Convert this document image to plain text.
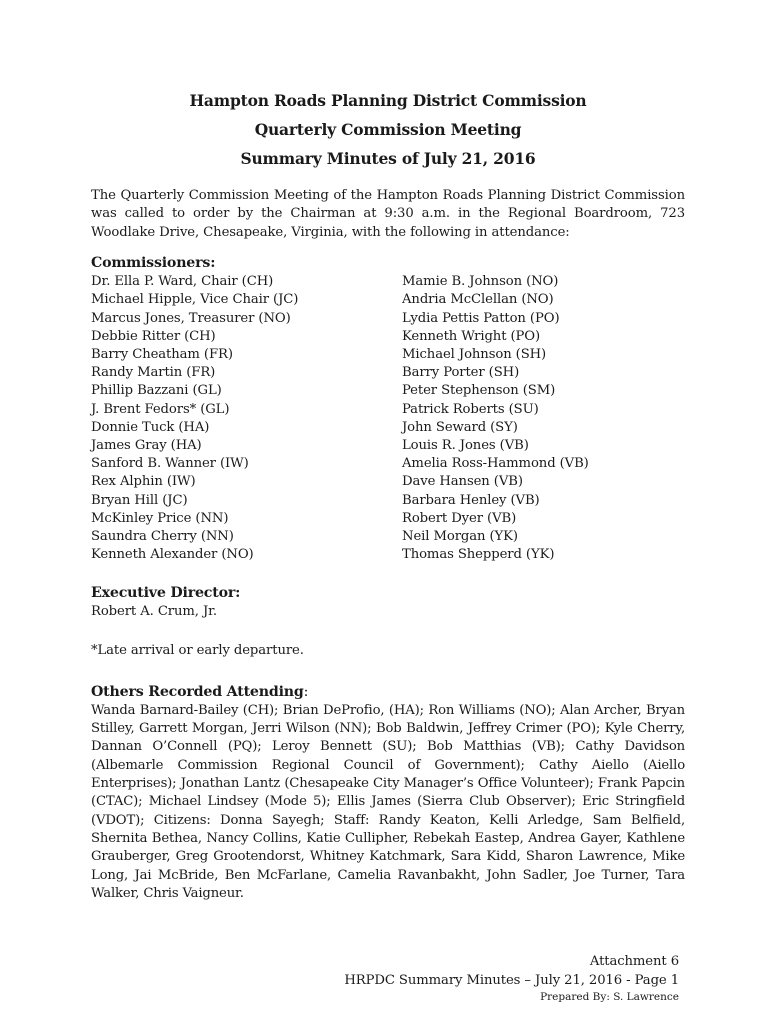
Hampton Roads Planning District Commission
Quarterly Commission Meeting
Summary Minutes of July 21, 2016
The Quarterly Commission Meeting of the Hampton Roads Planning District Commission was called to order by the Chairman at 9:30 a.m. in the Regional Boardroom, 723 Woodlake Drive, Chesapeake, Virginia, with the following in attendance:
Commissioners:
Dr. Ella P. Ward, Chair (CH)
Michael Hipple, Vice Chair (JC)
Marcus Jones, Treasurer (NO)
Debbie Ritter (CH)
Barry Cheatham (FR)
Randy Martin (FR)
Phillip Bazzani (GL)
J. Brent Fedors* (GL)
Donnie Tuck (HA)
James Gray (HA)
Sanford B. Wanner (IW)
Rex Alphin (IW)
Bryan Hill (JC)
McKinley Price (NN)
Saundra Cherry (NN)
Kenneth Alexander (NO)
Mamie B. Johnson (NO)
Andria McClellan (NO)
Lydia Pettis Patton (PO)
Kenneth Wright (PO)
Michael Johnson (SH)
Barry Porter (SH)
Peter Stephenson (SM)
Patrick Roberts (SU)
John Seward (SY)
Louis R. Jones (VB)
Amelia Ross-Hammond (VB)
Dave Hansen (VB)
Barbara Henley (VB)
Robert Dyer (VB)
Neil Morgan (YK)
Thomas Shepperd (YK)
Executive Director:
Robert A. Crum, Jr.
*Late arrival or early departure.
Others Recorded Attending:
Wanda Barnard-Bailey (CH); Brian DeProfio, (HA); Ron Williams (NO); Alan Archer, Bryan Stilley, Garrett Morgan, Jerri Wilson (NN); Bob Baldwin, Jeffrey Crimer (PO); Kyle Cherry, Dannan O’Connell (PQ); Leroy Bennett (SU); Bob Matthias (VB); Cathy Davidson (Albemarle Commission Regional Council of Government); Cathy Aiello (Aiello Enterprises); Jonathan Lantz (Chesapeake City Manager’s Office Volunteer); Frank Papcin (CTAC); Michael Lindsey (Mode 5); Ellis James (Sierra Club Observer); Eric Stringfield (VDOT); Citizens: Donna Sayegh; Staff: Randy Keaton, Kelli Arledge, Sam Belfield, Shernita Bethea, Nancy Collins, Katie Cullipher, Rebekah Eastep, Andrea Gayer, Kathlene Grauberger, Greg Grootendorst, Whitney Katchmark, Sara Kidd, Sharon Lawrence, Mike Long, Jai McBride, Ben McFarlane, Camelia Ravanbakht, John Sadler, Joe Turner, Tara Walker, Chris Vaigneur.
Attachment 6
HRPDC Summary Minutes – July 21, 2016 - Page 1
Prepared By: S. Lawrence
